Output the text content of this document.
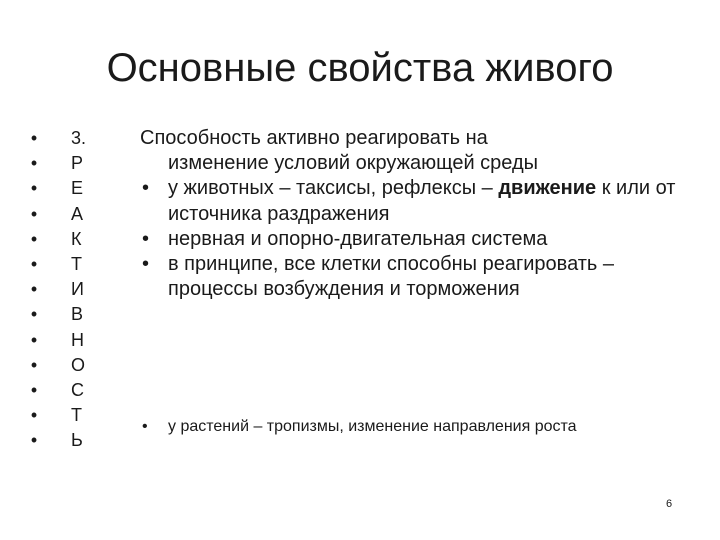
Основные свойства живого
• 3.
• Р
• Е
• А
• К
• Т
• И
• В
• Н
• О
• С
• Т
• Ь

Способность активно реагировать на
изменение условий окружающей среды

• у животных – таксисы, рефлексы – движение к или от источника раздражения
• нервная и опорно-двигательная система
• в принципе, все клетки способны реагировать – процессы возбуждения и торможения
• у растений – тропизмы, изменение направления роста
6
